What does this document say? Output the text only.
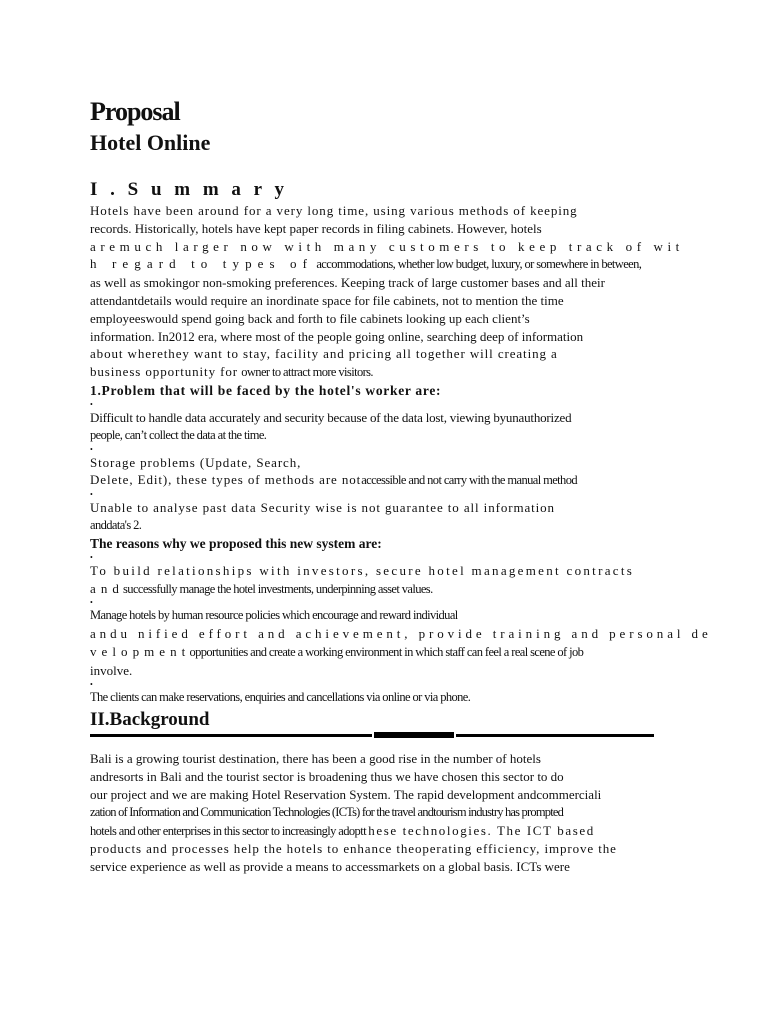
Proposal
Hotel Online
I . S u m m a r y

Hotels have been around for a very long time, using various methods of keeping
records. Historically, hotels have kept paper records in filing cabinets. However, hotels
aremuch larger now with many customers to keep track of wit
h regard to types of accommodations, whether low budget, luxury, or somewhere in between,
as well as smokingor non-smoking preferences. Keeping track of large customer bases and all their
attendantdetails would require an inordinate space for file cabinets, not to mention the time
employeeswould spend going back and forth to file cabinets looking up each client’s
information. In2012 era, where most of the people going online, searching deep of information
about wherethey want to stay, facility and pricing all together will creating a
business opportunity for owner to attract more visitors.

1.Problem that will be faced by the hotel's worker are:
•

Difficult to handle data accurately and security because of the data lost, viewing byunauthorized
people, can’t collect the data at the time.

•

Storage problems (Update, Search,
Delete, Edit), these types of methods are notaccessible and not carry with the manual method

•

Unable to analyse past data Security wise is not guarantee to all information
anddata's 2.

The reasons why we proposed this new system are:
•

To build relationships with investors, secure hotel management contracts
a n d successfully manage the hotel investments, underpinning asset values.

•

Manage hotels by human resource policies which encourage and reward individual
andu nified effort and achievement, provide training and personal de
v e l o p m e n t opportunities and create a working environment in which staff can feel a real scene of job
involve.

•

The clients can make reservations, enquiries and cancellations via online or via phone.

II.Background

Bali is a growing tourist destination, there has been a good rise in the number of hotels
andresorts in Bali and the tourist sector is broadening thus we have chosen this sector to do
our project and we are making Hotel Reservation System. The rapid development andcommerciali
zation of Information and Communication Technologies (ICTs) for the travel andtourism industry has prompted
hotels and other enterprises in this sector to increasingly adoptthese technologies. The ICT based
products and processes help the hotels to enhance theoperating efficiency, improve the
service experience as well as provide a means to accessmarkets on a global basis. ICTs were
